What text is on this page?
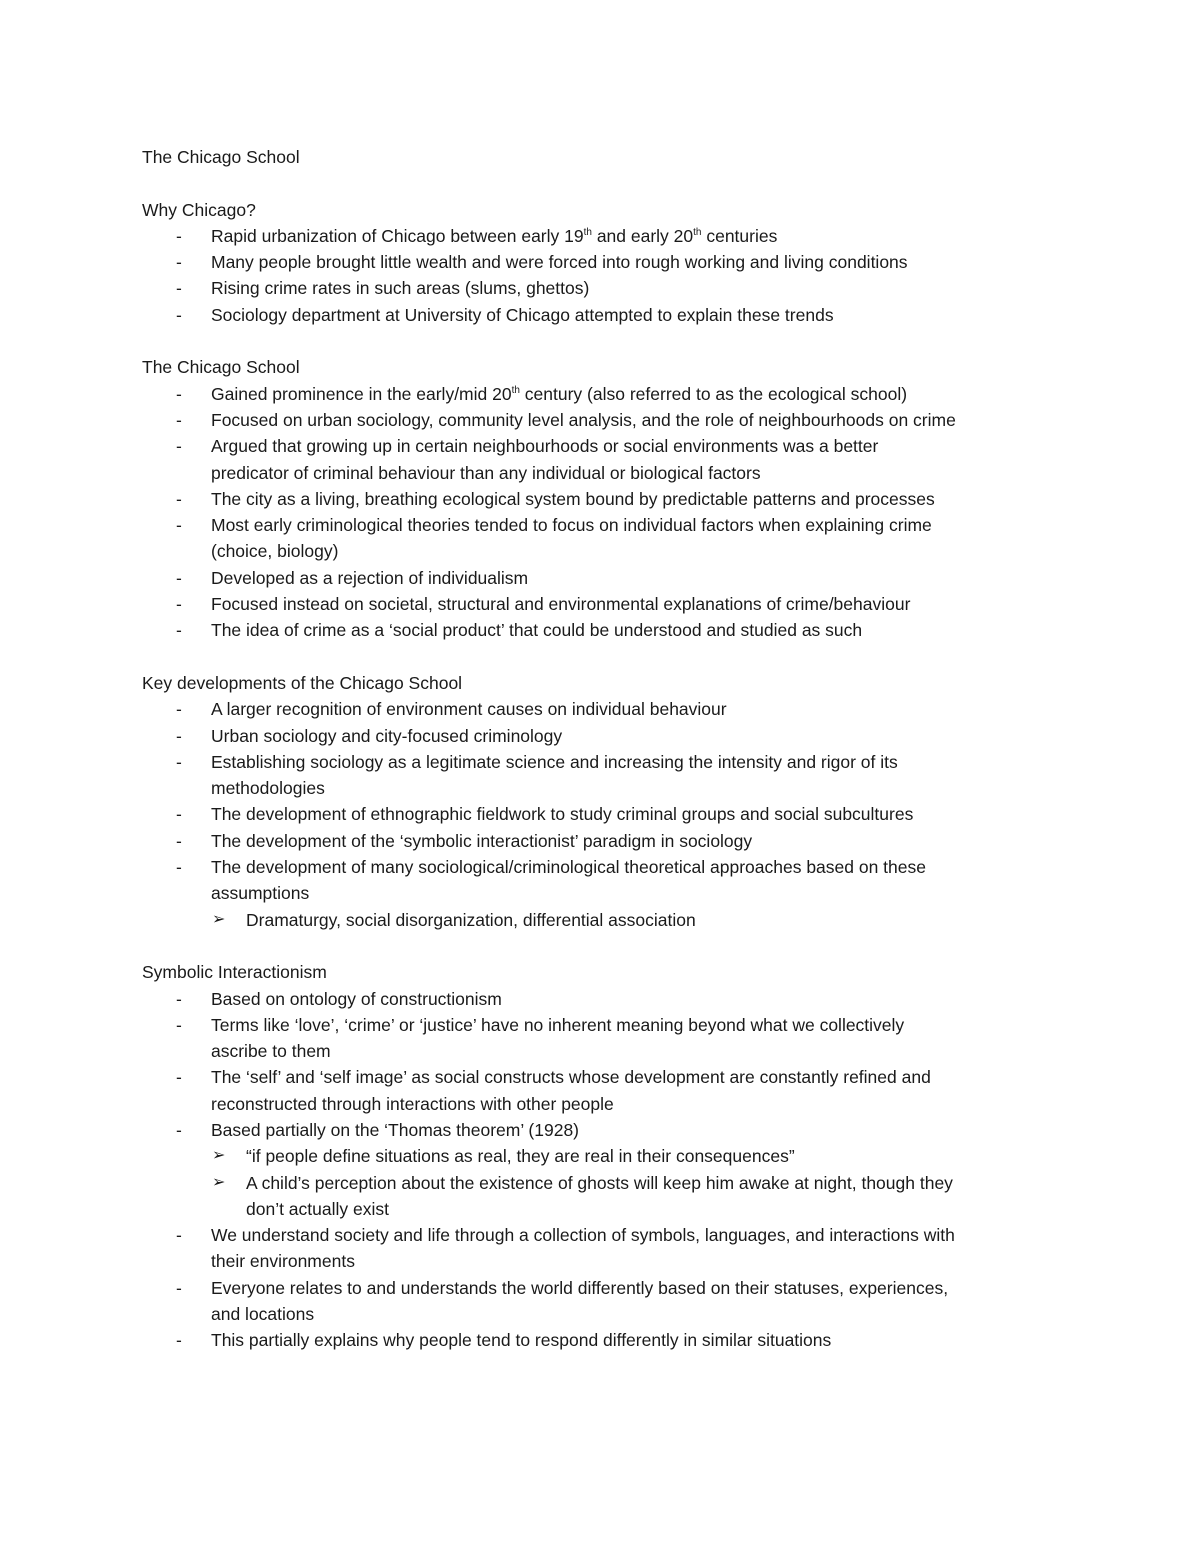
The Chicago School
Why Chicago?
- Rapid urbanization of Chicago between early 19th and early 20th centuries
- Many people brought little wealth and were forced into rough working and living conditions
- Rising crime rates in such areas (slums, ghettos)
- Sociology department at University of Chicago attempted to explain these trends
The Chicago School
- Gained prominence in the early/mid 20th century (also referred to as the ecological school)
- Focused on urban sociology, community level analysis, and the role of neighbourhoods on crime
- Argued that growing up in certain neighbourhoods or social environments was a better
predicator of criminal behaviour than any individual or biological factors
- The city as a living, breathing ecological system bound by predictable patterns and processes
- Most early criminological theories tended to focus on individual factors when explaining crime
(choice, biology)
- Developed as a rejection of individualism
- Focused instead on societal, structural and environmental explanations of crime/behaviour
- The idea of crime as a ‘social product’ that could be understood and studied as such
Key developments of the Chicago School
- A larger recognition of environment causes on individual behaviour
- Urban sociology and city-focused criminology
- Establishing sociology as a legitimate science and increasing the intensity and rigor of its
methodologies
- The development of ethnographic fieldwork to study criminal groups and social subcultures
- The development of the ‘symbolic interactionist’ paradigm in sociology
- The development of many sociological/criminological theoretical approaches based on these
assumptions
➢ Dramaturgy, social disorganization, differential association
Symbolic Interactionism
- Based on ontology of constructionism
- Terms like ‘love’, ‘crime’ or ‘justice’ have no inherent meaning beyond what we collectively
ascribe to them
- The ‘self’ and ‘self image’ as social constructs whose development are constantly refined and
reconstructed through interactions with other people
- Based partially on the ‘Thomas theorem’ (1928)
➢ “if people define situations as real, they are real in their consequences”
➢ A child’s perception about the existence of ghosts will keep him awake at night, though they
don’t actually exist
- We understand society and life through a collection of symbols, languages, and interactions with
their environments
- Everyone relates to and understands the world differently based on their statuses, experiences,
and locations
- This partially explains why people tend to respond differently in similar situations
